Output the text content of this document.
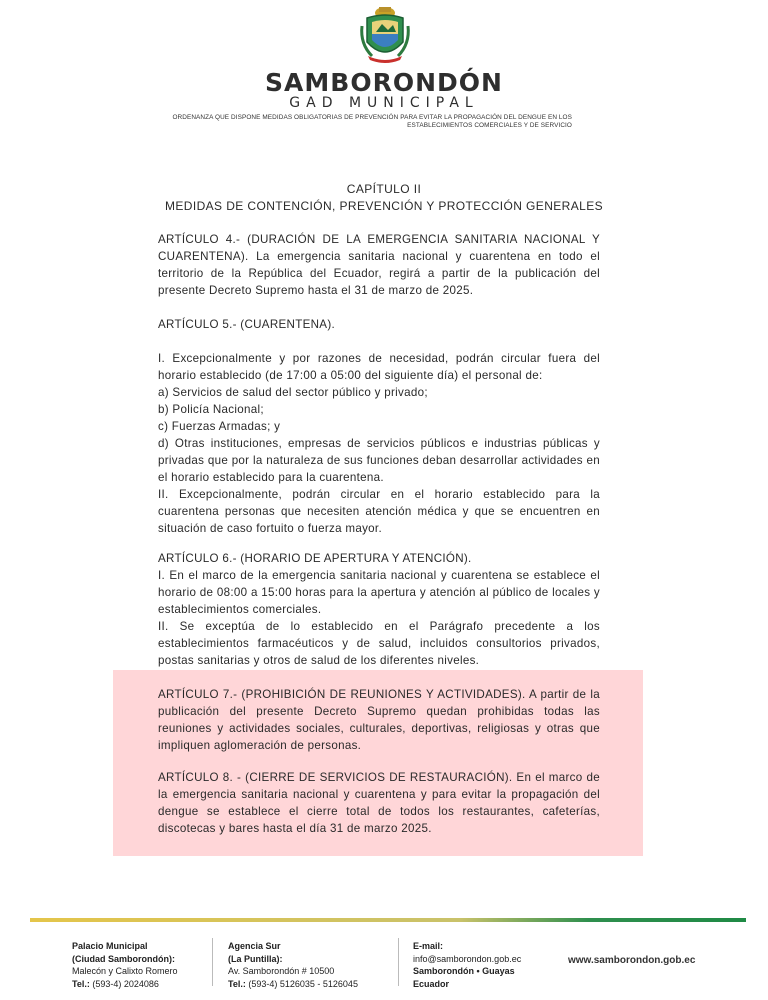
SAMBORONDÓN
GAD MUNICIPAL
ORDENANZA QUE DISPONE MEDIDAS OBLIGATORIAS DE PREVENCIÓN PARA EVITAR LA PROPAGACIÓN DEL DENGUE EN LOS
ESTABLECIMIENTOS COMERCIALES Y DE SERVICIO
CAPÍTULO II
MEDIDAS DE CONTENCIÓN, PREVENCIÓN Y PROTECCIÓN GENERALES

ARTÍCULO 4.- (DURACIÓN DE LA EMERGENCIA SANITARIA NACIONAL Y CUARENTENA). La emergencia sanitaria nacional y cuarentena en todo el territorio de la República del Ecuador, regirá a partir de la publicación del presente Decreto Supremo hasta el 31 de marzo de 2025.

ARTÍCULO 5.- (CUARENTENA).

I. Excepcionalmente y por razones de necesidad, podrán circular fuera del horario establecido (de 17:00 a 05:00 del siguiente día) el personal de:

a) Servicios de salud del sector público y privado;

b) Policía Nacional;

c) Fuerzas Armadas; y

d) Otras instituciones, empresas de servicios públicos e industrias públicas y privadas que por la naturaleza de sus funciones deban desarrollar actividades en el horario establecido para la cuarentena.

II. Excepcionalmente, podrán circular en el horario establecido para la cuarentena personas que necesiten atención médica y que se encuentren en situación de caso fortuito o fuerza mayor.

ARTÍCULO 6.- (HORARIO DE APERTURA Y ATENCIÓN).

I. En el marco de la emergencia sanitaria nacional y cuarentena se establece el horario de 08:00 a 15:00 horas para la apertura y atención al público de locales y establecimientos comerciales.

II. Se exceptúa de lo establecido en el Parágrafo precedente a los establecimientos farmacéuticos y de salud, incluidos consultorios privados, postas sanitarias y otros de salud de los diferentes niveles.

ARTÍCULO 7.- (PROHIBICIÓN DE REUNIONES Y ACTIVIDADES). A partir de la publicación del presente Decreto Supremo quedan prohibidas todas las reuniones y actividades sociales, culturales, deportivas, religiosas y otras que impliquen aglomeración de personas.

ARTÍCULO 8. - (CIERRE DE SERVICIOS DE RESTAURACIÓN). En el marco de la emergencia sanitaria nacional y cuarentena y para evitar la propagación del dengue se establece el cierre total de todos los restaurantes, cafeterías, discotecas y bares hasta el día 31 de marzo 2025.

Palacio Municipal
(Ciudad Samborondón):
Malecón y Calixto Romero
Tel.: (593-4) 2024086
Agencia Sur
(La Puntilla):
Av. Samborondón # 10500
Tel.: (593-4) 5126035 - 5126045
E-mail:
info@samborondon.gob.ec
Samborondón • Guayas
Ecuador
www.samborondon.gob.ec
